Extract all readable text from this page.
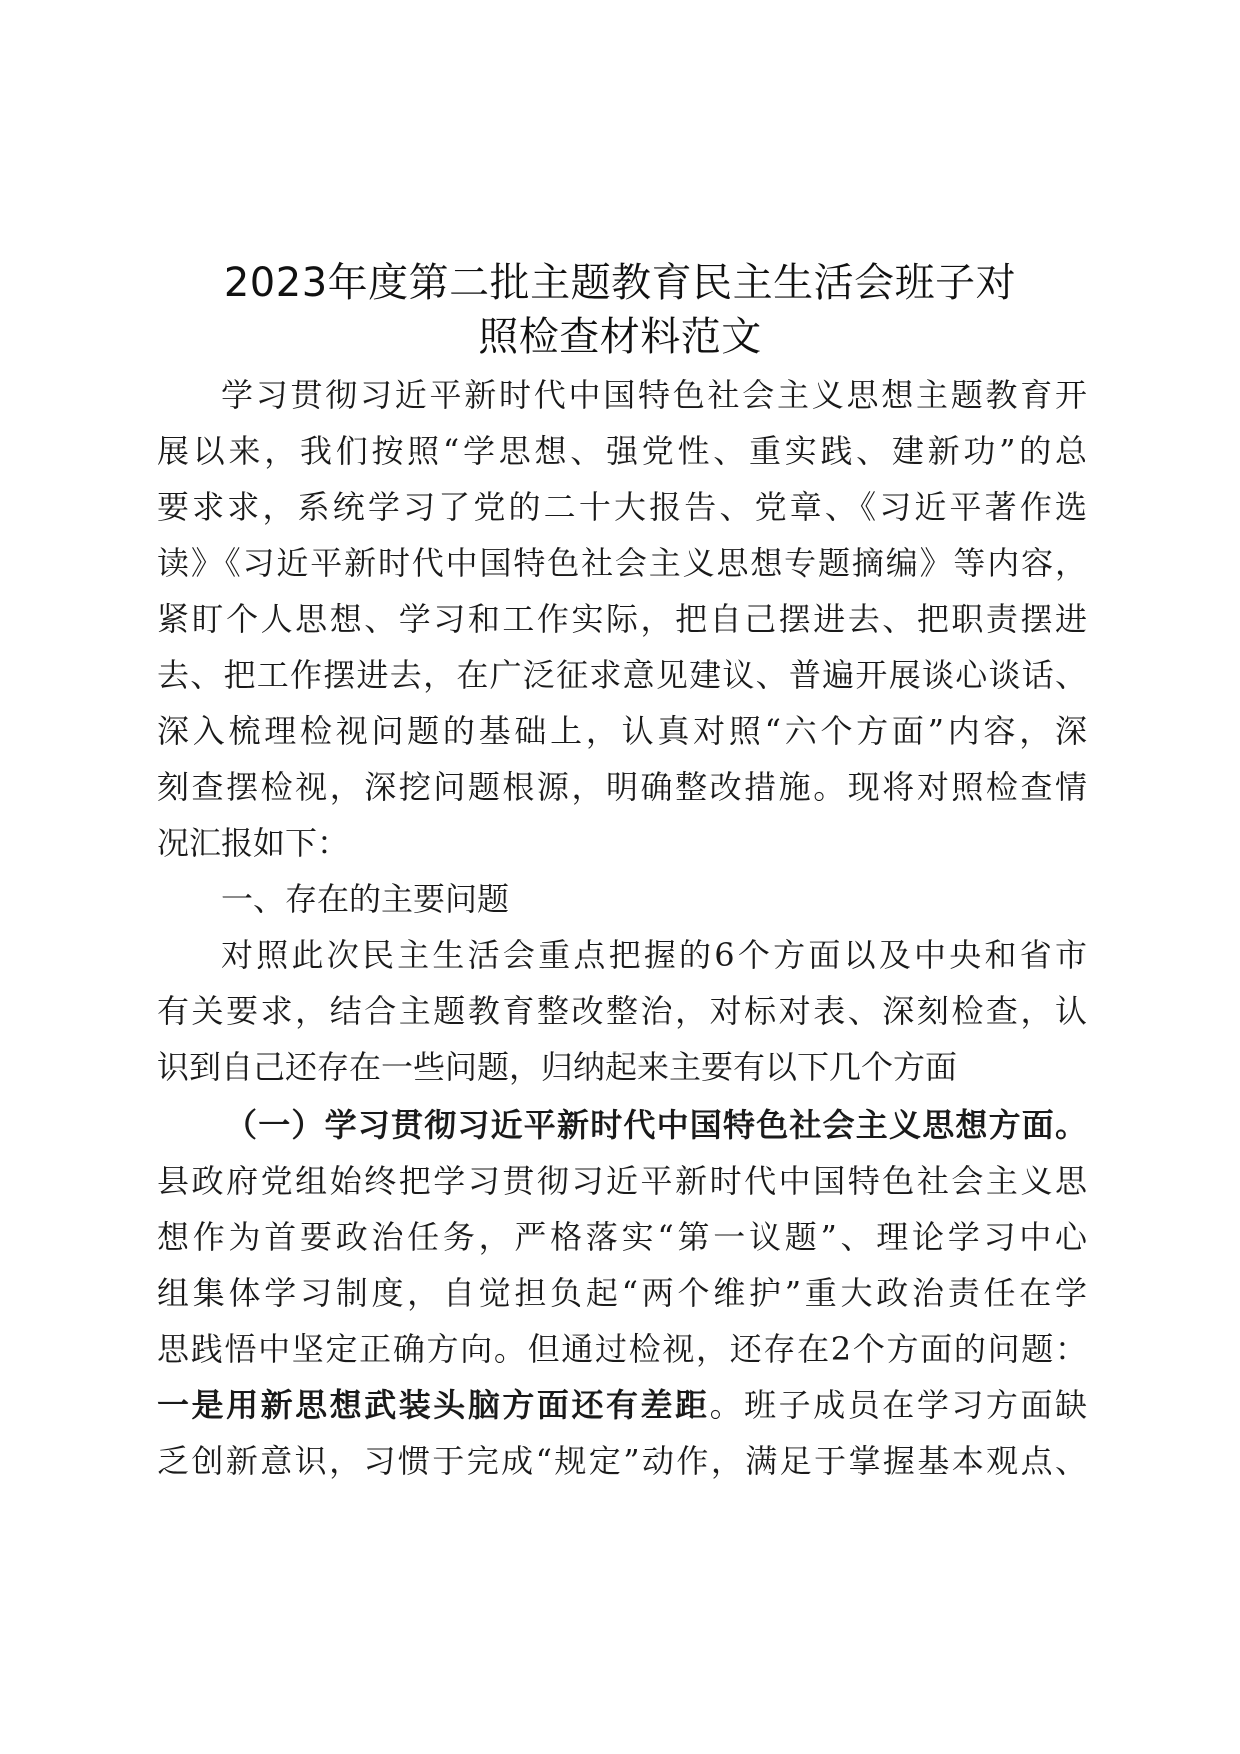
2023年度第二批主题教育民主生活会班子对
照检查材料范文
学习贯彻习近平新时代中国特色社会主义思想主题教育开
展以来，我们按照“学思想、强党性、重实践、建新功”的总
要求求，系统学习了党的二十大报告、党章、《习近平著作选
读》《习近平新时代中国特色社会主义思想专题摘编》等内容，
紧盯个人思想、学习和工作实际，把自己摆进去、把职责摆进
去、把工作摆进去，在广泛征求意见建议、普遍开展谈心谈话、
深入梳理检视问题的基础上，认真对照“六个方面”内容，深
刻查摆检视，深挖问题根源，明确整改措施。现将对照检查情
况汇报如下：
一、存在的主要问题
对照此次民主生活会重点把握的6个方面以及中央和省市
有关要求，结合主题教育整改整治，对标对表、深刻检查，认
识到自己还存在一些问题，归纳起来主要有以下几个方面
（一）学习贯彻习近平新时代中国特色社会主义思想方面。
县政府党组始终把学习贯彻习近平新时代中国特色社会主义思
想作为首要政治任务，严格落实“第一议题”、理论学习中心
组集体学习制度，自觉担负起“两个维护”重大政治责任在学
思践悟中坚定正确方向。但通过检视，还存在2个方面的问题：
一是用新思想武装头脑方面还有差距。班子成员在学习方面缺
乏创新意识，习惯于完成“规定”动作，满足于掌握基本观点、
